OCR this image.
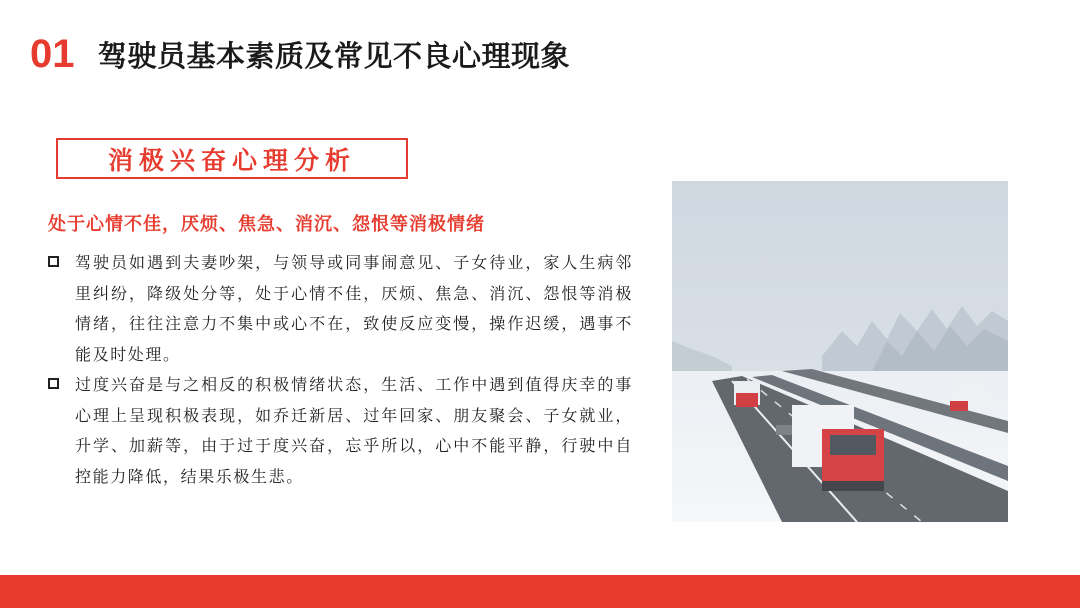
01 驾驶员基本素质及常见不良心理现象
消极兴奋心理分析
处于心情不佳，厌烦、焦急、消沉、怨恨等消极情绪
驾驶员如遇到夫妻吵架，与领导或同事闹意见、子女待业，家人生病邻里纠纷，降级处分等，处于心情不佳，厌烦、焦急、消沉、怨恨等消极情绪，往往注意力不集中或心不在，致使反应变慢，操作迟缓，遇事不能及时处理。
过度兴奋是与之相反的积极情绪状态，生活、工作中遇到值得庆幸的事心理上呈现积极表现，如乔迁新居、过年回家、朋友聚会、子女就业，升学、加薪等，由于过于度兴奋，忘乎所以，心中不能平静，行驶中自控能力降低，结果乐极生悲。
